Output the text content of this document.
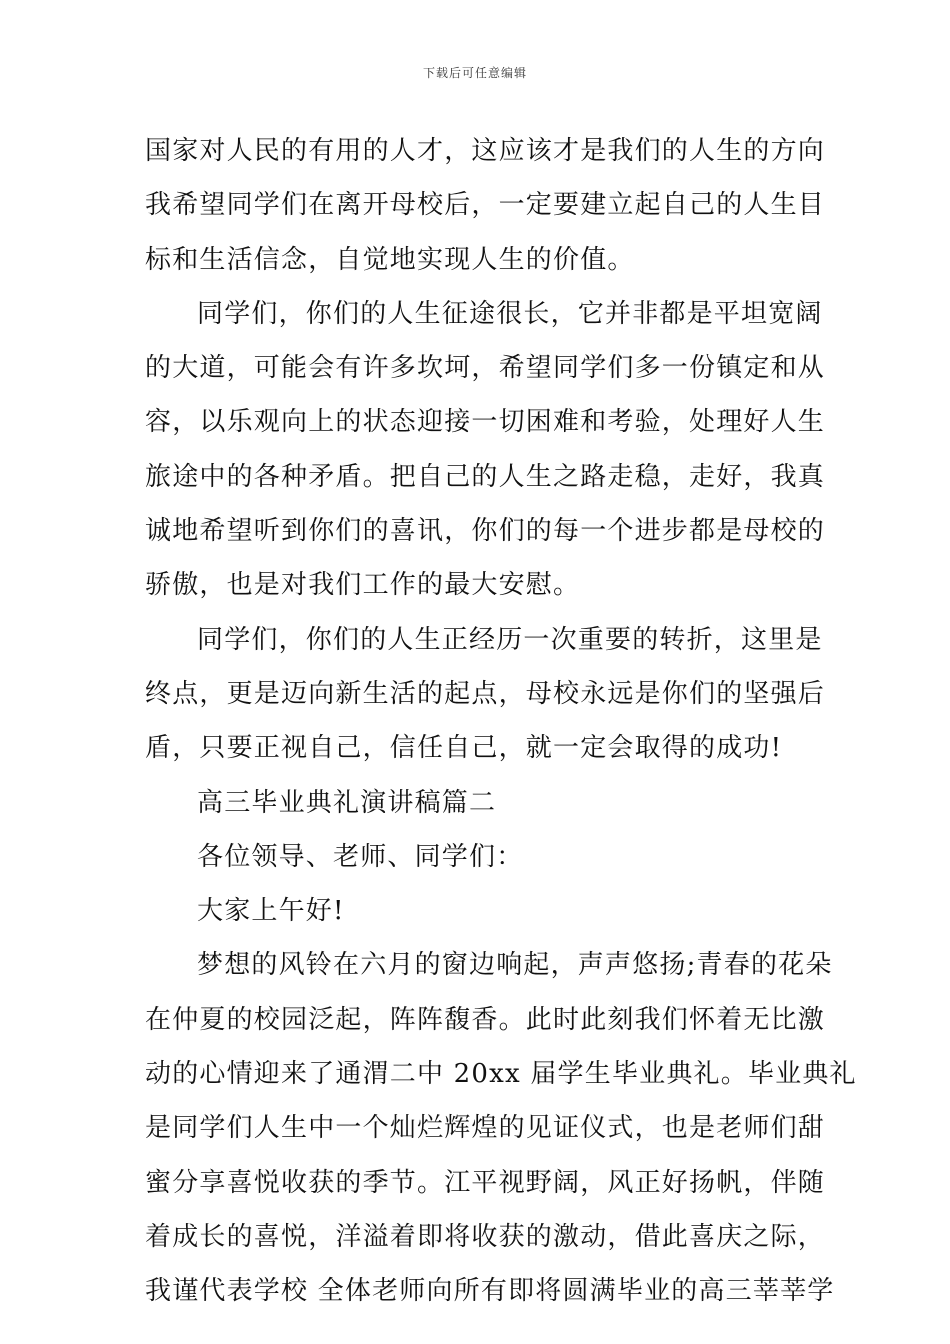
下载后可任意编辑
国家对人民的有用的人才，这应该才是我们的人生的方向
我希望同学们在离开母校后，一定要建立起自己的人生目
标和生活信念，自觉地实现人生的价值。
同学们，你们的人生征途很长，它并非都是平坦宽阔
的大道，可能会有许多坎坷，希望同学们多一份镇定和从
容，以乐观向上的状态迎接一切困难和考验，处理好人生
旅途中的各种矛盾。把自己的人生之路走稳，走好，我真
诚地希望听到你们的喜讯，你们的每一个进步都是母校的
骄傲，也是对我们工作的最大安慰。
同学们，你们的人生正经历一次重要的转折，这里是
终点，更是迈向新生活的起点，母校永远是你们的坚强后
盾，只要正视自己，信任自己，就一定会取得的成功!
高三毕业典礼演讲稿篇二
各位领导、老师、同学们：
大家上午好!
梦想的风铃在六月的窗边响起，声声悠扬;青春的花朵
在仲夏的校园泛起，阵阵馥香。此时此刻我们怀着无比激
动的心情迎来了通渭二中 20xx 届学生毕业典礼。毕业典礼
是同学们人生中一个灿烂辉煌的见证仪式，也是老师们甜
蜜分享喜悦收获的季节。江平视野阔，风正好扬帆，伴随
着成长的喜悦，洋溢着即将收获的激动，借此喜庆之际，
我谨代表学校 全体老师向所有即将圆满毕业的高三莘莘学
